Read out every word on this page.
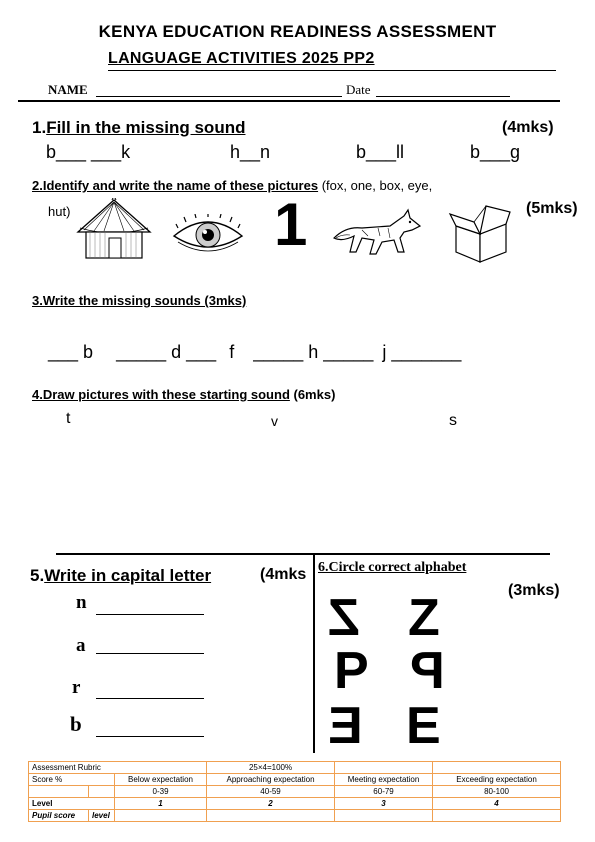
KENYA EDUCATION READINESS ASSESSMENT
LANGUAGE ACTIVITIES 2025 PP2
NAME	Date
1.Fill in the missing sound	(4mks)
b___ ___k	h__n	b___ll	b___g
2.Identify and write the name of these pictures (fox, one, box, eye,
hut)	(5mks)
1
3.Write the missing sounds (3mks)
___ b _____ d ___ f _____ h _____ j _______
4.Draw pictures with these starting sound (6mks)
t	v	s
5.Write in capital letter	(4mks
n
a
r
b
6.Circle correct alphabet
(3mks)
Z Z
P P
E E
Assessment Rubric			25×4=100%		
Score %		Below expectation	Approaching expectation	Meeting expectation	Exceeding expectation
		0-39	40-59	60-79	80-100
Level		1	2	3	4
Pupil score	level				
